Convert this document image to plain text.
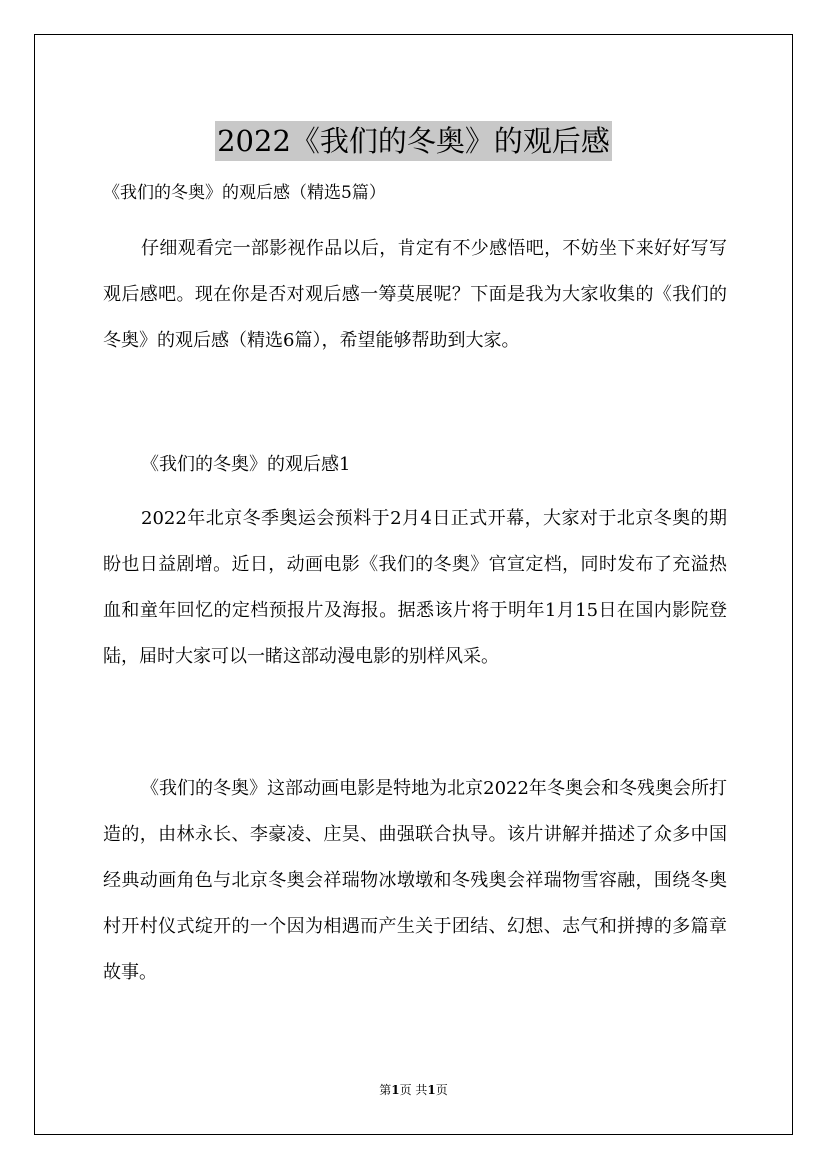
2022《我们的冬奥》的观后感
《我们的冬奥》的观后感（精选5篇）

仔细观看完一部影视作品以后，肯定有不少感悟吧，不妨坐下来好好写写观后感吧。现在你是否对观后感一筹莫展呢？下面是我为大家收集的《我们的冬奥》的观后感（精选6篇），希望能够帮助到大家。

《我们的冬奥》的观后感1

2022年北京冬季奥运会预料于2月4日正式开幕，大家对于北京冬奥的期盼也日益剧增。近日，动画电影《我们的冬奥》官宣定档，同时发布了充溢热血和童年回忆的定档预报片及海报。据悉该片将于明年1月15日在国内影院登陆，届时大家可以一睹这部动漫电影的别样风采。

《我们的冬奥》这部动画电影是特地为北京2022年冬奥会和冬残奥会所打造的，由林永长、李豪凌、庄昊、曲强联合执导。该片讲解并描述了众多中国经典动画角色与北京冬奥会祥瑞物冰墩墩和冬残奥会祥瑞物雪容融，围绕冬奥村开村仪式绽开的一个因为相遇而产生关于团结、幻想、志气和拼搏的多篇章故事。

第1页 共1页
